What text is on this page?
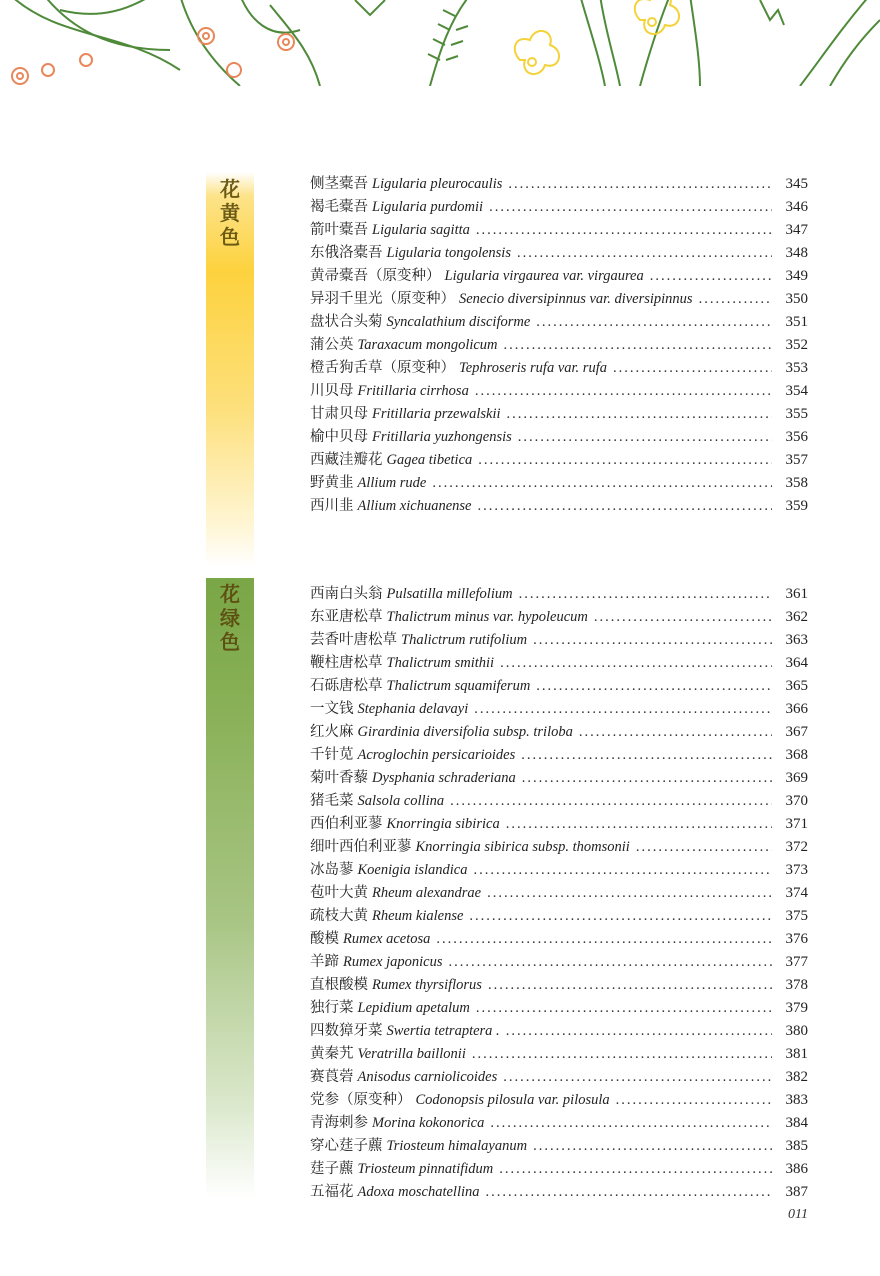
花
黄
色
侧茎橐吾 Ligularia pleurocaulis .....	345
褐毛橐吾 Ligularia purdomii .....	346
箭叶橐吾 Ligularia sagitta .....	347
东俄洛橐吾 Ligularia tongolensis .....	348
黄帚橐吾（原变种） Ligularia virgaurea var. virgaurea .....	349
异羽千里光（原变种） Senecio diversipinnus var. diversipinnus .....	350
盘状合头菊 Syncalathium disciforme .....	351
蒲公英 Taraxacum mongolicum .....	352
橙舌狗舌草（原变种） Tephroseris rufa var. rufa .....	353
川贝母 Fritillaria cirrhosa .....	354
甘肃贝母 Fritillaria przewalskii .....	355
榆中贝母 Fritillaria yuzhongensis .....	356
西藏洼瓣花 Gagea tibetica .....	357
野黄韭 Allium rude .....	358
西川韭 Allium xichuanense .....	359
花
绿
色
西南白头翁 Pulsatilla millefolium .....	361
东亚唐松草 Thalictrum minus var. hypoleucum .....	362
芸香叶唐松草 Thalictrum rutifolium .....	363
鞭柱唐松草 Thalictrum smithii .....	364
石砾唐松草 Thalictrum squamiferum .....	365
一文钱 Stephania delavayi .....	366
红火麻 Girardinia diversifolia subsp. triloba .....	367
千针苋 Acroglochin persicarioides .....	368
菊叶香藜 Dysphania schraderiana .....	369
猪毛菜 Salsola collina .....	370
西伯利亚蓼 Knorringia sibirica .....	371
细叶西伯利亚蓼 Knorringia sibirica subsp. thomsonii .....	372
冰岛蓼 Koenigia islandica .....	373
苞叶大黄 Rheum alexandrae .....	374
疏枝大黄 Rheum kialense .....	375
酸模 Rumex acetosa .....	376
羊蹄 Rumex japonicus .....	377
直根酸模 Rumex thyrsiflorus .....	378
独行菜 Lepidium apetalum .....	379
四数獐牙菜 Swertia tetraptera . .....	380
黄秦艽 Veratrilla baillonii .....	381
赛莨菪 Anisodus carniolicoides .....	382
党参（原变种） Codonopsis pilosula var. pilosula .....	383
青海刺参 Morina kokonorica .....	384
穿心莛子藨 Triosteum himalayanum .....	385
莛子藨 Triosteum pinnatifidum .....	386
五福花 Adoxa moschatellina .....	387
011
